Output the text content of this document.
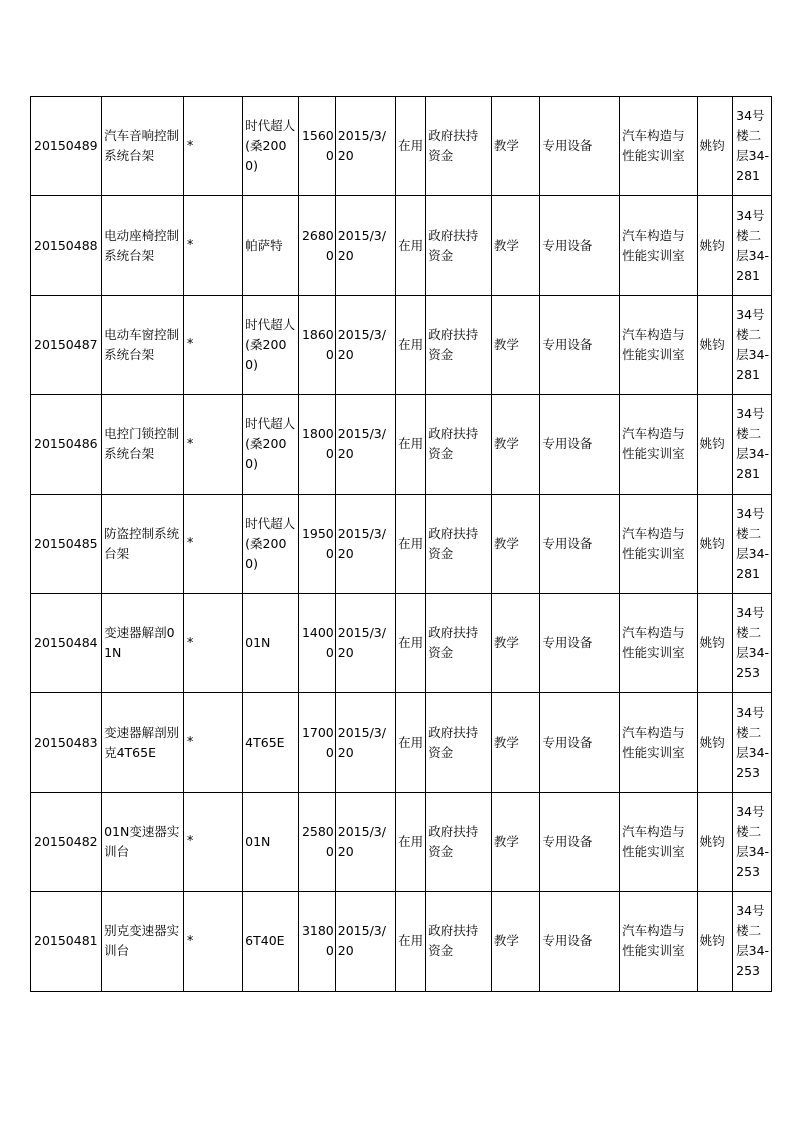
20150489	汽车音响控制系统台架	*	时代超人(桑2000)	15600	2015/3/20	在用	政府扶持资金	教学	专用设备	汽车构造与性能实训室	姚钧	34号楼二层34-281
20150488	电动座椅控制系统台架	*	帕萨特	26800	2015/3/20	在用	政府扶持资金	教学	专用设备	汽车构造与性能实训室	姚钧	34号楼二层34-281
20150487	电动车窗控制系统台架	*	时代超人(桑2000)	18600	2015/3/20	在用	政府扶持资金	教学	专用设备	汽车构造与性能实训室	姚钧	34号楼二层34-281
20150486	电控门锁控制系统台架	*	时代超人(桑2000)	18000	2015/3/20	在用	政府扶持资金	教学	专用设备	汽车构造与性能实训室	姚钧	34号楼二层34-281
20150485	防盗控制系统台架	*	时代超人(桑2000)	19500	2015/3/20	在用	政府扶持资金	教学	专用设备	汽车构造与性能实训室	姚钧	34号楼二层34-281
20150484	变速器解剖01N	*	01N	14000	2015/3/20	在用	政府扶持资金	教学	专用设备	汽车构造与性能实训室	姚钧	34号楼二层34-253
20150483	变速器解剖别克4T65E	*	4T65E	17000	2015/3/20	在用	政府扶持资金	教学	专用设备	汽车构造与性能实训室	姚钧	34号楼二层34-253
20150482	01N变速器实训台	*	01N	25800	2015/3/20	在用	政府扶持资金	教学	专用设备	汽车构造与性能实训室	姚钧	34号楼二层34-253
20150481	别克变速器实训台	*	6T40E	31800	2015/3/20	在用	政府扶持资金	教学	专用设备	汽车构造与性能实训室	姚钧	34号楼二层34-253
